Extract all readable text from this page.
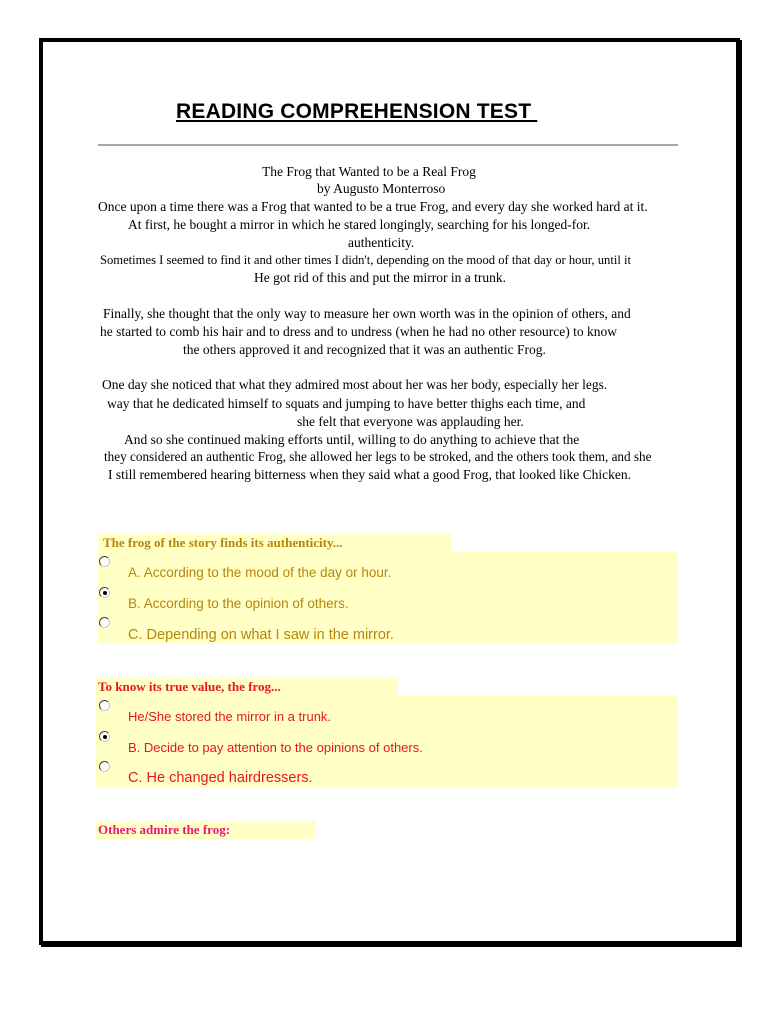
READING COMPREHENSION TEST
The Frog that Wanted to be a Real Frog
by Augusto Monterroso
Once upon a time there was a Frog that wanted to be a true Frog, and every day she worked hard at it.
At first, he bought a mirror in which he stared longingly, searching for his longed-for.
authenticity.
Sometimes I seemed to find it and other times I didn't, depending on the mood of that day or hour, until it
He got rid of this and put the mirror in a trunk.
Finally, she thought that the only way to measure her own worth was in the opinion of others, and
he started to comb his hair and to dress and to undress (when he had no other resource) to know
the others approved it and recognized that it was an authentic Frog.
One day she noticed that what they admired most about her was her body, especially her legs.
way that he dedicated himself to squats and jumping to have better thighs each time, and
she felt that everyone was applauding her.
And so she continued making efforts until, willing to do anything to achieve that the
they considered an authentic Frog, she allowed her legs to be stroked, and the others took them, and she
I still remembered hearing bitterness when they said what a good Frog, that looked like Chicken.
The frog of the story finds its authenticity...
A. According to the mood of the day or hour.
B. According to the opinion of others.
C. Depending on what I saw in the mirror.
To know its true value, the frog...
He/She stored the mirror in a trunk.
B. Decide to pay attention to the opinions of others.
C. He changed hairdressers.
Others admire the frog:
